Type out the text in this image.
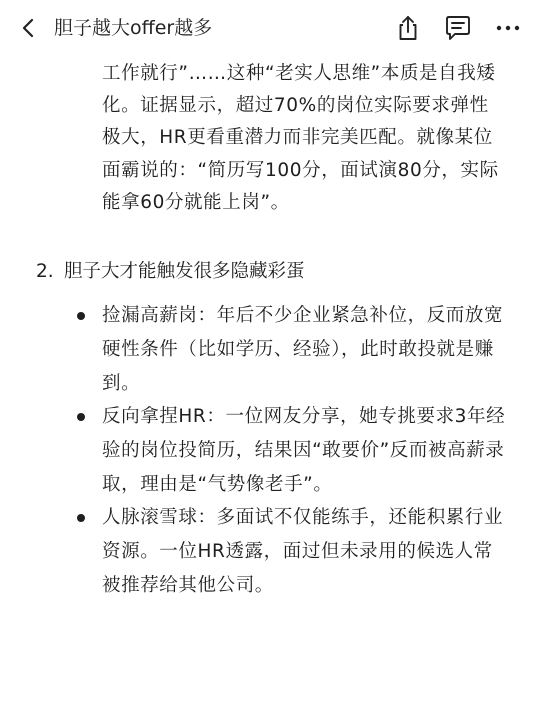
胆子越大offer越多

工作就行”……这种“老实人思维”本质是自我矮化。证据显示，超过70%的岗位实际要求弹性极大，HR更看重潜力而非完美匹配。就像某位面霸说的：“简历写100分，面试演80分，实际能拿60分就能上岗”。

2. 胆子大才能触发很多隐藏彩蛋

捡漏高薪岗：年后不少企业紧急补位，反而放宽硬性条件（比如学历、经验），此时敢投就是赚到。

反向拿捏HR：一位网友分享，她专挑要求3年经验的岗位投简历，结果因“敢要价”反而被高薪录取，理由是“气势像老手”。

人脉滚雪球：多面试不仅能练手，还能积累行业资源。一位HR透露，面过但未录用的候选人常被推荐给其他公司。
